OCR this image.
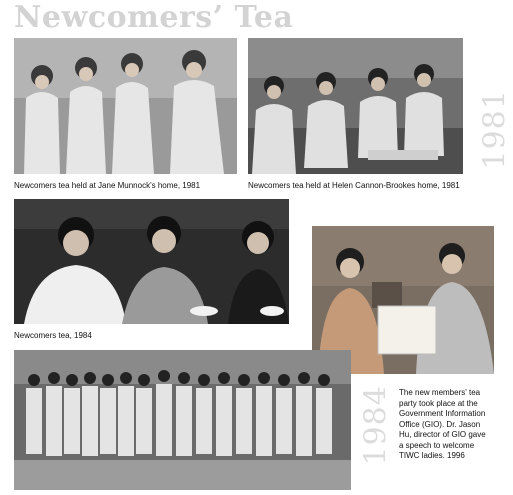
Newcomers’ Tea
Newcomers tea held at Jane Munnock's home, 1981	Newcomers tea held at Helen Cannon-Brookes home, 1981
1981
Newcomers tea, 1984
The new members' tea party took place at the Government Information Office (GIO). Dr. Jason Hu, director of GIO gave a speech to welcome TIWC ladies. 1996
1984
